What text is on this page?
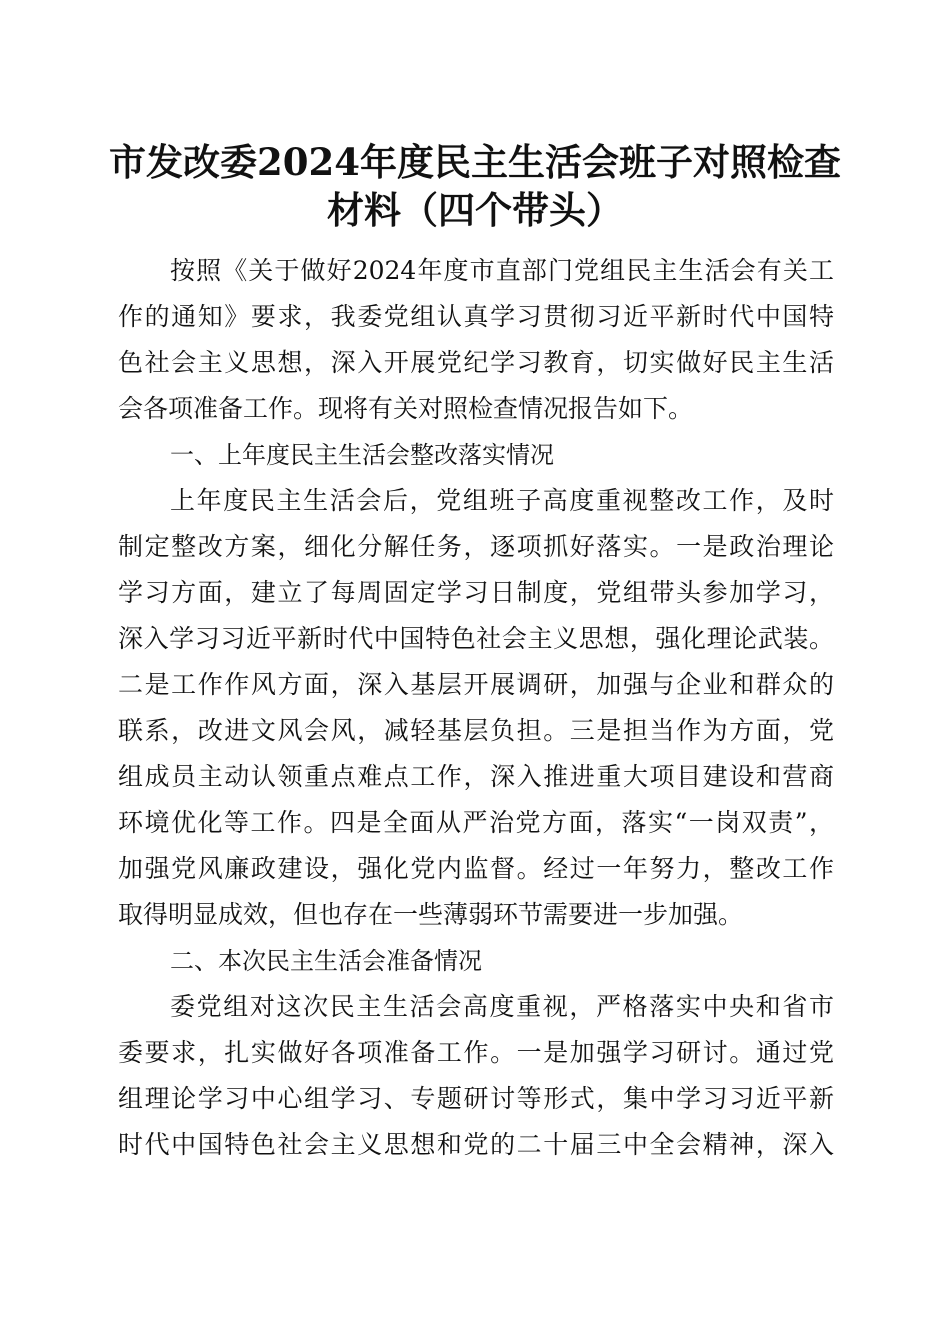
市发改委2024年度民主生活会班子对照检查
材料（四个带头）
按照《关于做好2024年度市直部门党组民主生活会有关工
作的通知》要求，我委党组认真学习贯彻习近平新时代中国特
色社会主义思想，深入开展党纪学习教育，切实做好民主生活
会各项准备工作。现将有关对照检查情况报告如下。
一、上年度民主生活会整改落实情况
上年度民主生活会后，党组班子高度重视整改工作，及时
制定整改方案，细化分解任务，逐项抓好落实。一是政治理论
学习方面，建立了每周固定学习日制度，党组带头参加学习，
深入学习习近平新时代中国特色社会主义思想，强化理论武装。
二是工作作风方面，深入基层开展调研，加强与企业和群众的
联系，改进文风会风，减轻基层负担。三是担当作为方面，党
组成员主动认领重点难点工作，深入推进重大项目建设和营商
环境优化等工作。四是全面从严治党方面，落实“一岗双责”，
加强党风廉政建设，强化党内监督。经过一年努力，整改工作
取得明显成效，但也存在一些薄弱环节需要进一步加强。
二、本次民主生活会准备情况
委党组对这次民主生活会高度重视，严格落实中央和省市
委要求，扎实做好各项准备工作。一是加强学习研讨。通过党
组理论学习中心组学习、专题研讨等形式，集中学习习近平新
时代中国特色社会主义思想和党的二十届三中全会精神，深入
